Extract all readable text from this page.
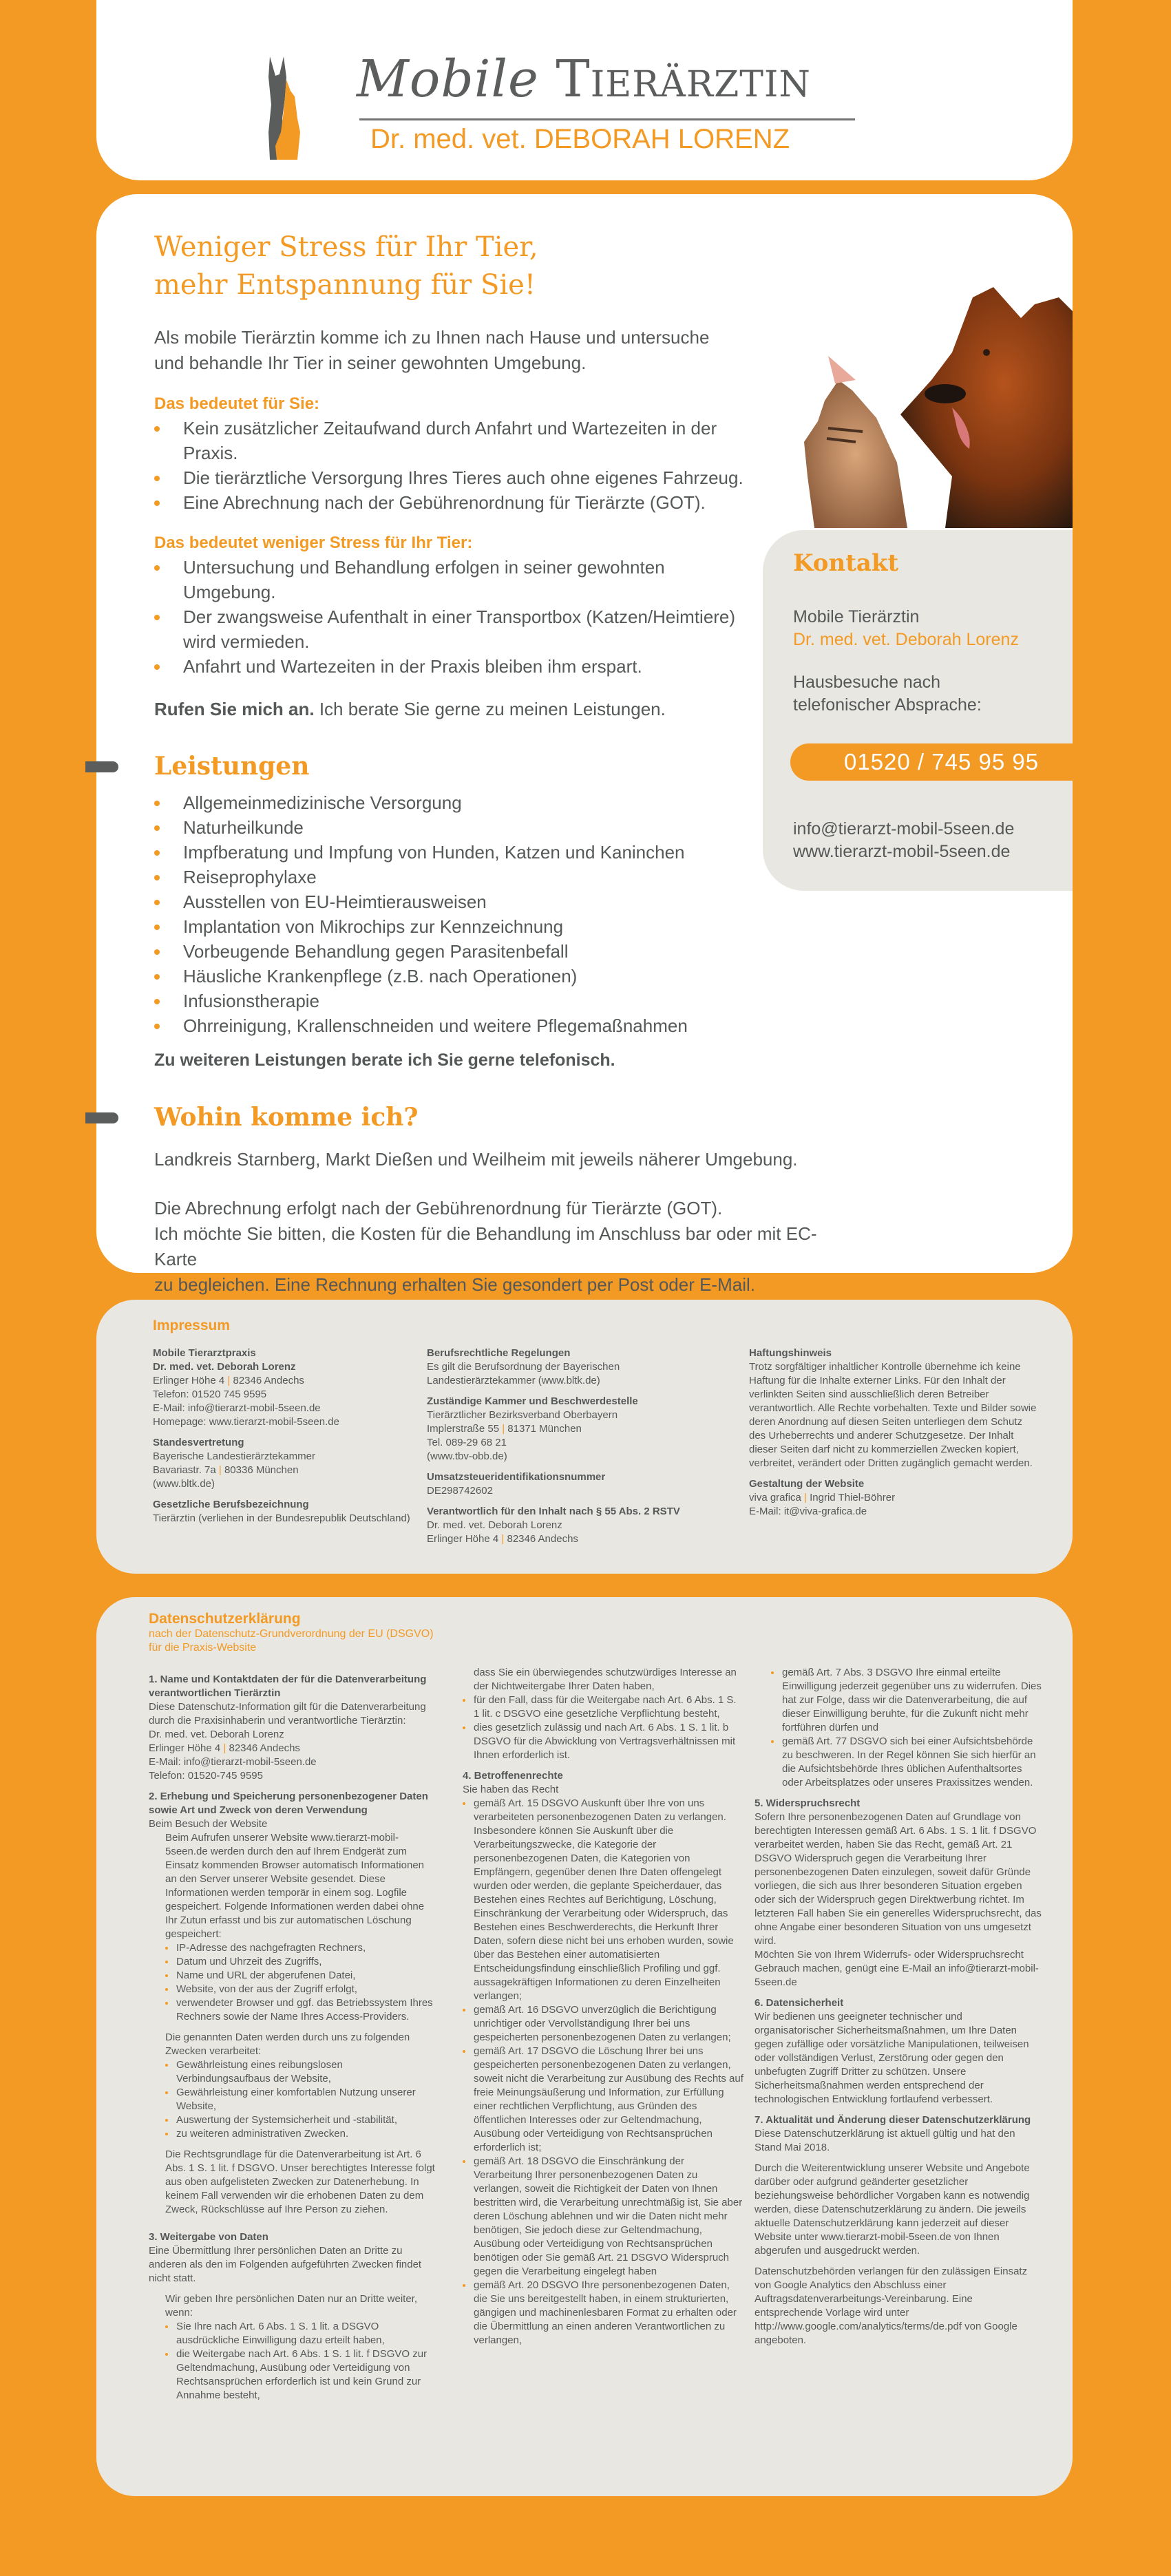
Mobile Tierärztin
Dr. med. vet. DEBORAH LORENZ
Weniger Stress für Ihr Tier,
mehr Entspannung für Sie!

Als mobile Tierärztin komme ich zu Ihnen nach Hause und untersuche und behandle Ihr Tier in seiner gewohnten Umgebung.

Das bedeutet für Sie:
Kein zusätzlicher Zeitaufwand durch Anfahrt und Wartezeiten in der Praxis.
Die tierärztliche Versorgung Ihres Tieres auch ohne eigenes Fahrzeug.
Eine Abrechnung nach der Gebührenordnung für Tierärzte (GOT).
Das bedeutet weniger Stress für Ihr Tier:
Untersuchung und Behandlung erfolgen in seiner gewohnten Umgebung.
Der zwangsweise Aufenthalt in einer Transportbox (Katzen/Heimtiere) wird vermieden.
Anfahrt und Wartezeiten in der Praxis bleiben ihm erspart.

Rufen Sie mich an. Ich berate Sie gerne zu meinen Leistungen.

Leistungen
Allgemeinmedizinische Versorgung
Naturheilkunde
Impfberatung und Impfung von Hunden, Katzen und Kaninchen
Reiseprophylaxe
Ausstellen von EU-Heimtierausweisen
Implantation von Mikrochips zur Kennzeichnung
Vorbeugende Behandlung gegen Parasitenbefall
Häusliche Krankenpflege (z.B. nach Operationen)
Infusionstherapie
Ohrreinigung, Krallenschneiden und weitere Pflegemaßnahmen

Zu weiteren Leistungen berate ich Sie gerne telefonisch.

Wohin komme ich?

Landkreis Starnberg, Markt Dießen und Weilheim mit jeweils näherer Umgebung.

Die Abrechnung erfolgt nach der Gebührenordnung für Tierärzte (GOT).

Ich möchte Sie bitten, die Kosten für die Behandlung im Anschluss bar oder mit EC-Karte

zu begleichen. Eine Rechnung erhalten Sie gesondert per Post oder E-Mail.

Kontakt
Mobile Tierärztin
Dr. med. vet. Deborah Lorenz
Hausbesuche nach
telefonischer Absprache:
01520 / 745 95 95
info@tierarzt-mobil-5seen.de
www.tierarzt-mobil-5seen.de
Impressum
Mobile Tierarztpraxis
Dr. med. vet. Deborah Lorenz
Erlinger Höhe 4 | 82346 Andechs
Telefon: 01520 745 9595
E-Mail: info@tierarzt-mobil-5seen.de
Homepage: www.tierarzt-mobil-5seen.de
Standesvertretung
Bayerische Landestierärztekammer
Bavariastr. 7a | 80336 München
(www.bltk.de)
Gesetzliche Berufsbezeichnung
Tierärztin (verliehen in der Bundesrepublik Deutschland)
Berufsrechtliche Regelungen
Es gilt die Berufsordnung der Bayerischen Landestierärztekammer (www.bltk.de)
Zuständige Kammer und Beschwerdestelle
Tierärztlicher Bezirksverband Oberbayern
Implerstraße 55 | 81371 München
Tel. 089-29 68 21
(www.tbv-obb.de)
Umsatzsteueridentifikationsnummer
DE298742602
Verantwortlich für den Inhalt nach § 55 Abs. 2 RSTV
Dr. med. vet. Deborah Lorenz
Erlinger Höhe 4 | 82346 Andechs
Haftungshinweis
Trotz sorgfältiger inhaltlicher Kontrolle übernehme ich keine Haftung für die Inhalte externer Links. Für den Inhalt der verlinkten Seiten sind ausschließlich deren Betreiber verantwortlich. Alle Rechte vorbehalten. Texte und Bilder sowie deren Anordnung auf diesen Seiten unterliegen dem Schutz des Urheberrechts und anderer Schutzgesetze. Der Inhalt dieser Seiten darf nicht zu kommerziellen Zwecken kopiert, verbreitet, verändert oder Dritten zugänglich gemacht werden.
Gestaltung der Website
viva grafica | Ingrid Thiel-Böhrer
E-Mail: it@viva-grafica.de
Datenschutzerklärung
nach der Datenschutz-Grundverordnung der EU (DSGVO) für die Praxis-Website
1. Name und Kontaktdaten der für die Datenverarbeitung verantwortlichen Tierärztin
Diese Datenschutz-Information gilt für die Datenverarbeitung durch die Praxisinhaberin und verantwortliche Tierärztin:
Dr. med. vet. Deborah Lorenz
Erlinger Höhe 4 | 82346 Andechs
E-Mail: info@tierarzt-mobil-5seen.de
Telefon: 01520-745 9595
2. Erhebung und Speicherung personenbezogener Daten sowie Art und Zweck von deren Verwendung
Beim Besuch der Website
Beim Aufrufen unserer Website www.tierarzt-mobil-5seen.de werden durch den auf Ihrem Endgerät zum Einsatz kommenden Browser automatisch Informationen an den Server unserer Website gesendet. Diese Informationen werden temporär in einem sog. Logfile gespeichert. Folgende Informationen werden dabei ohne Ihr Zutun erfasst und bis zur automatischen Löschung gespeichert:
IP-Adresse des nachgefragten Rechners,
Datum und Uhrzeit des Zugriffs,
Name und URL der abgerufenen Datei,
Website, von der aus der Zugriff erfolgt,
verwendeter Browser und ggf. das Betriebssystem Ihres Rechners sowie der Name Ihres Access-Providers.
Die genannten Daten werden durch uns zu folgenden Zwecken verarbeitet:
Gewährleistung eines reibungslosen Verbindungsaufbaus der Website,
Gewährleistung einer komfortablen Nutzung unserer Website,
Auswertung der Systemsicherheit und -stabilität,
zu weiteren administrativen Zwecken.
Die Rechtsgrundlage für die Datenverarbeitung ist Art. 6 Abs. 1 S. 1 lit. f DSGVO. Unser berechtigtes Interesse folgt aus oben aufgelisteten Zwecken zur Datenerhebung. In keinem Fall verwenden wir die erhobenen Daten zu dem Zweck, Rückschlüsse auf Ihre Person zu ziehen.
3. Weitergabe von Daten
Eine Übermittlung Ihrer persönlichen Daten an Dritte zu anderen als den im Folgenden aufgeführten Zwecken findet nicht statt.
Wir geben Ihre persönlichen Daten nur an Dritte weiter, wenn:
Sie Ihre nach Art. 6 Abs. 1 S. 1 lit. a DSGVO ausdrückliche Einwilligung dazu erteilt haben,
die Weitergabe nach Art. 6 Abs. 1 S. 1 lit. f DSGVO zur Geltendmachung, Ausübung oder Verteidigung von Rechtsansprüchen erforderlich ist und kein Grund zur Annahme besteht,
dass Sie ein überwiegendes schutzwürdiges Interesse an der Nichtweitergabe Ihrer Daten haben,
für den Fall, dass für die Weitergabe nach Art. 6 Abs. 1 S. 1 lit. c DSGVO eine gesetzliche Verpflichtung besteht,
dies gesetzlich zulässig und nach Art. 6 Abs. 1 S. 1 lit. b DSGVO für die Abwicklung von Vertragsverhältnissen mit Ihnen erforderlich ist.
4. Betroffenenrechte
Sie haben das Recht
gemäß Art. 15 DSGVO Auskunft über Ihre von uns verarbeiteten personenbezogenen Daten zu verlangen. Insbesondere können Sie Auskunft über die Verarbeitungszwecke, die Kategorie der personenbezogenen Daten, die Kategorien von Empfängern, gegenüber denen Ihre Daten offengelegt wurden oder werden, die geplante Speicherdauer, das Bestehen eines Rechtes auf Berichtigung, Löschung, Einschränkung der Verarbeitung oder Widerspruch, das Bestehen eines Beschwerderechts, die Herkunft Ihrer Daten, sofern diese nicht bei uns erhoben wurden, sowie über das Bestehen einer automatisierten Entscheidungsfindung einschließlich Profiling und ggf. aussagekräftigen Informationen zu deren Einzelheiten verlangen;
gemäß Art. 16 DSGVO unverzüglich die Berichtigung unrichtiger oder Vervollständigung Ihrer bei uns gespeicherten personenbezogenen Daten zu verlangen;
gemäß Art. 17 DSGVO die Löschung Ihrer bei uns gespeicherten personenbezogenen Daten zu verlangen, soweit nicht die Verarbeitung zur Ausübung des Rechts auf freie Meinungsäußerung und Information, zur Erfüllung einer rechtlichen Verpflichtung, aus Gründen des öffentlichen Interesses oder zur Geltendmachung, Ausübung oder Verteidigung von Rechtsansprüchen erforderlich ist;
gemäß Art. 18 DSGVO die Einschränkung der Verarbeitung Ihrer personenbezogenen Daten zu verlangen, soweit die Richtigkeit der Daten von Ihnen bestritten wird, die Verarbeitung unrechtmäßig ist, Sie aber deren Löschung ablehnen und wir die Daten nicht mehr benötigen, Sie jedoch diese zur Geltendmachung, Ausübung oder Verteidigung von Rechtsansprüchen benötigen oder Sie gemäß Art. 21 DSGVO Widerspruch gegen die Verarbeitung eingelegt haben
gemäß Art. 20 DSGVO Ihre personenbezogenen Daten, die Sie uns bereitgestellt haben, in einem strukturierten, gängigen und machinenlesbaren Format zu erhalten oder die Übermittlung an einen anderen Verantwortlichen zu verlangen,
gemäß Art. 7 Abs. 3 DSGVO Ihre einmal erteilte Einwilligung jederzeit gegenüber uns zu widerrufen. Dies hat zur Folge, dass wir die Datenverarbeitung, die auf dieser Einwilligung beruhte, für die Zukunft nicht mehr fortführen dürfen und
gemäß Art. 77 DSGVO sich bei einer Aufsichtsbehörde zu beschweren. In der Regel können Sie sich hierfür an die Aufsichtsbehörde Ihres üblichen Aufenthaltsortes oder Arbeitsplatzes oder unseres Praxissitzes wenden.
5. Widerspruchsrecht
Sofern Ihre personenbezogenen Daten auf Grundlage von berechtigten Interessen gemäß Art. 6 Abs. 1 S. 1 lit. f DSGVO verarbeitet werden, haben Sie das Recht, gemäß Art. 21 DSGVO Widerspruch gegen die Verarbeitung Ihrer personenbezogenen Daten einzulegen, soweit dafür Gründe vorliegen, die sich aus Ihrer besonderen Situation ergeben oder sich der Widerspruch gegen Direktwerbung richtet. Im letzteren Fall haben Sie ein generelles Widerspruchsrecht, das ohne Angabe einer besonderen Situation von uns umgesetzt wird.
Möchten Sie von Ihrem Widerrufs- oder Widerspruchsrecht Gebrauch machen, genügt eine E-Mail an info@tierarzt-mobil-5seen.de
6. Datensicherheit
Wir bedienen uns geeigneter technischer und organisatorischer Sicherheitsmaßnahmen, um Ihre Daten gegen zufällige oder vorsätzliche Manipulationen, teilweisen oder vollständigen Verlust, Zerstörung oder gegen den unbefugten Zugriff Dritter zu schützen. Unsere Sicherheitsmaßnahmen werden entsprechend der technologischen Entwicklung fortlaufend verbessert.
7. Aktualität und Änderung dieser Datenschutzerklärung
Diese Datenschutzerklärung ist aktuell gültig und hat den Stand Mai 2018.
Durch die Weiterentwicklung unserer Website und Angebote darüber oder aufgrund geänderter gesetzlicher beziehungsweise behördlicher Vorgaben kann es notwendig werden, diese Datenschutzerklärung zu ändern. Die jeweils aktuelle Datenschutzerklärung kann jederzeit auf dieser Website unter www.tierarzt-mobil-5seen.de von Ihnen abgerufen und ausgedruckt werden.
Datenschutzbehörden verlangen für den zulässigen Einsatz von Google Analytics den Abschluss einer Auftragsdatenverarbeitungs-Vereinbarung. Eine entsprechende Vorlage wird unter http://www.google.com/analytics/terms/de.pdf von Google angeboten.
